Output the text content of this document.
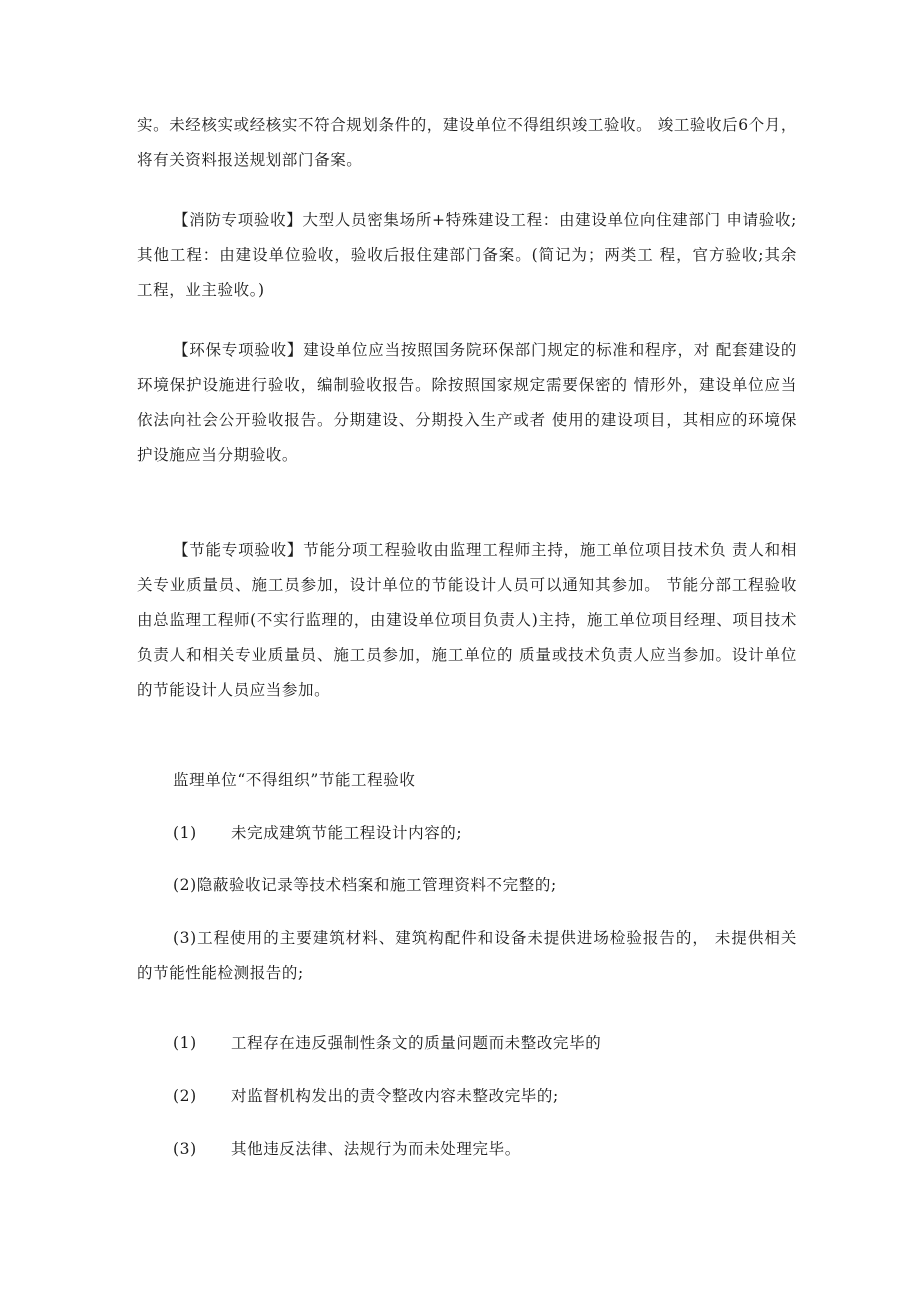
实。未经核实或经核实不符合规划条件的，建设单位不得组织竣工验收。 竣工验收后6个月，将有关资料报送规划部门备案。

【消防专项验收】大型人员密集场所+特殊建设工程：由建设单位向住建部门 申请验收;其他工程：由建设单位验收，验收后报住建部门备案。(简记为；两类工 程，官方验收;其余工程，业主验收。)

【环保专项验收】建设单位应当按照国务院环保部门规定的标准和程序，对 配套建设的环境保护设施进行验收，编制验收报告。除按照国家规定需要保密的 情形外，建设单位应当依法向社会公开验收报告。分期建设、分期投入生产或者 使用的建设项目，其相应的环境保护设施应当分期验收。

【节能专项验收】节能分项工程验收由监理工程师主持，施工单位项目技术负 责人和相关专业质量员、施工员参加，设计单位的节能设计人员可以通知其参加。 节能分部工程验收由总监理工程师(不实行监理的，由建设单位项目负责人)主持，施工单位项目经理、项目技术负责人和相关专业质量员、施工员参加，施工单位的 质量或技术负责人应当参加。设计单位的节能设计人员应当参加。

监理单位“不得组织”节能工程验收

(1) 未完成建筑节能工程设计内容的;

(2)隐蔽验收记录等技术档案和施工管理资料不完整的;

(3)工程使用的主要建筑材料、建筑构配件和设备未提供进场检验报告的， 未提供相关的节能性能检测报告的;

(1) 工程存在违反强制性条文的质量问题而未整改完毕的

(2) 对监督机构发出的责令整改内容未整改完毕的;

(3) 其他违反法律、法规行为而未处理完毕。
